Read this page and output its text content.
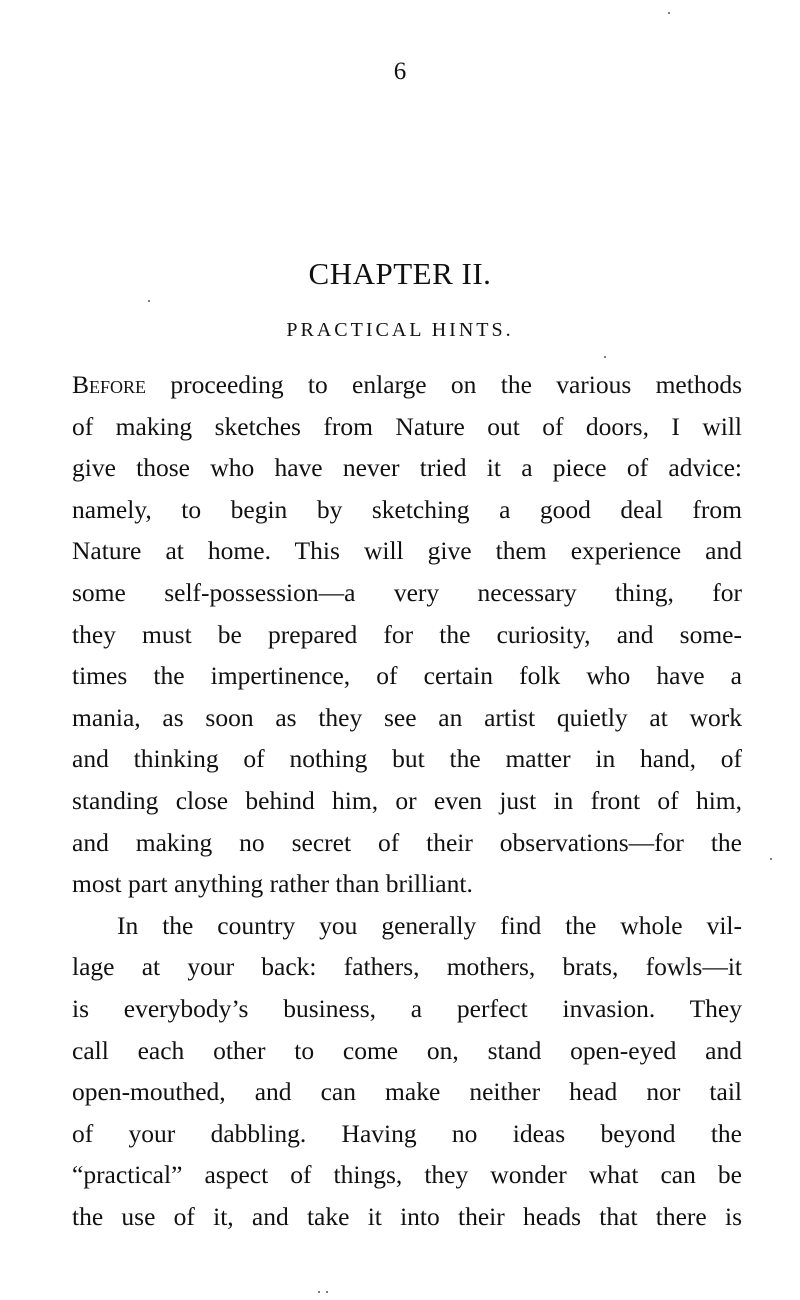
6
CHAPTER II.
PRACTICAL HINTS.

Before proceeding to enlarge on the various methods
of making sketches from Nature out of doors, I will
give those who have never tried it a piece of advice:
namely, to begin by sketching a good deal from
Nature at home. This will give them experience and
some self-possession—a very necessary thing, for
they must be prepared for the curiosity, and some-
times the impertinence, of certain folk who have a
mania, as soon as they see an artist quietly at work
and thinking of nothing but the matter in hand, of
standing close behind him, or even just in front of him,
and making no secret of their observations—for the
most part anything rather than brilliant.

In the country you generally find the whole vil-
lage at your back: fathers, mothers, brats, fowls—it
is everybody’s business, a perfect invasion. They
call each other to come on, stand open-eyed and
open-mouthed, and can make neither head nor tail
of your dabbling. Having no ideas beyond the
“practical” aspect of things, they wonder what can be
the use of it, and take it into their heads that there is
